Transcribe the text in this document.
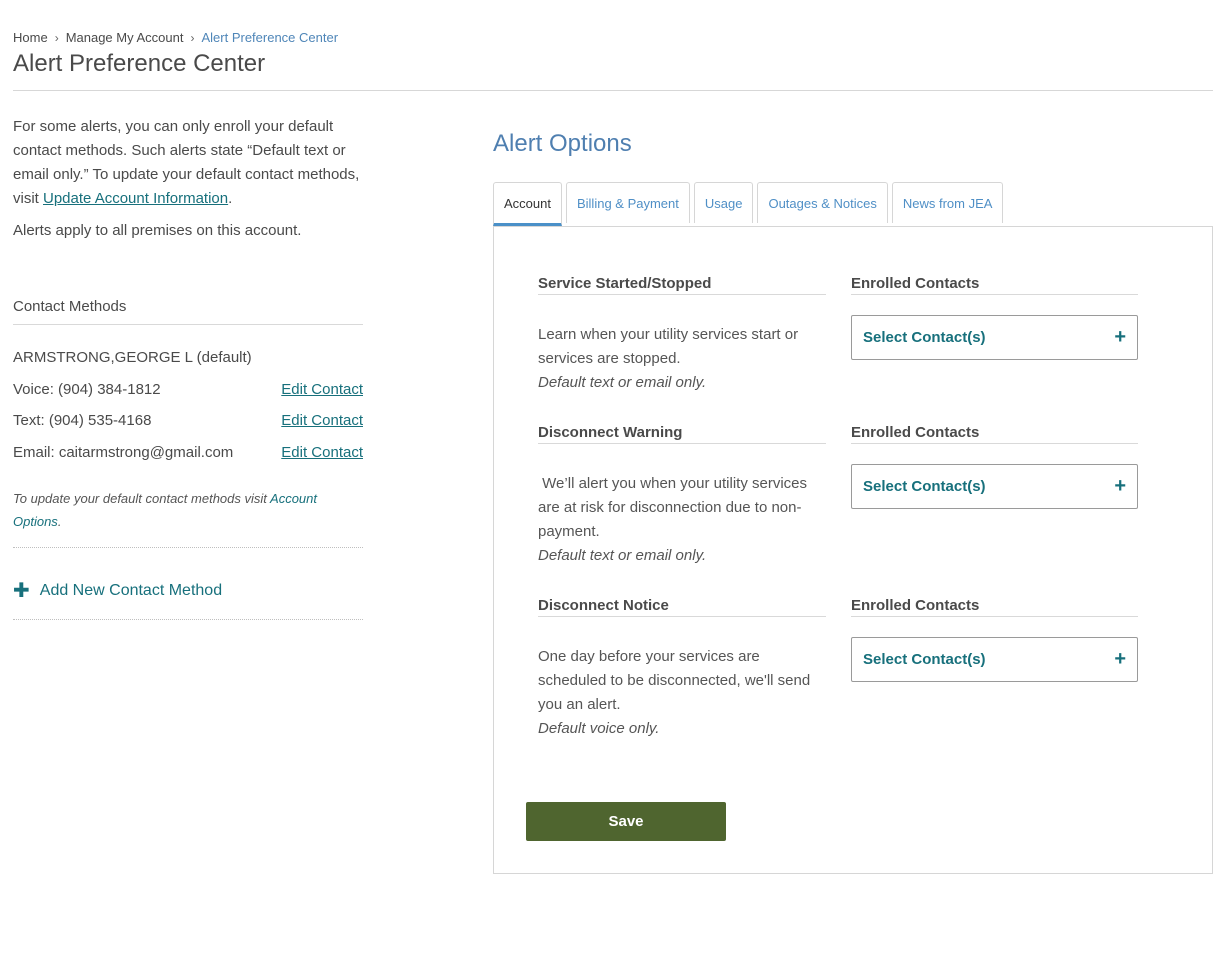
Home › Manage My Account › Alert Preference Center
Alert Preference Center

For some alerts, you can only enroll your default contact methods. Such alerts state “Default text or email only.” To update your default contact methods, visit Update Account Information.

Alerts apply to all premises on this account.

Contact Methods
ARMSTRONG,GEORGE L (default)
Voice: (904) 384-1812	Edit Contact
Text: (904) 535-4168	Edit Contact
Email: caitarmstrong@gmail.com	Edit Contact
To update your default contact methods visit Account Options.
✚ Add New Contact Method
Alert Options
Account	Billing & Payment	Usage	Outages & Notices	News from JEA
Service Started/Stopped	Enrolled Contacts
Learn when your utility services start or services are stopped.
Default text or email only.
Select Contact(s)	+
Disconnect Warning	Enrolled Contacts
We’ll alert you when your utility services are at risk for disconnection due to non-payment.
Default text or email only.
Select Contact(s)	+
Disconnect Notice	Enrolled Contacts
One day before your services are scheduled to be disconnected, we'll send you an alert.
Default voice only.
Select Contact(s)	+
Save
